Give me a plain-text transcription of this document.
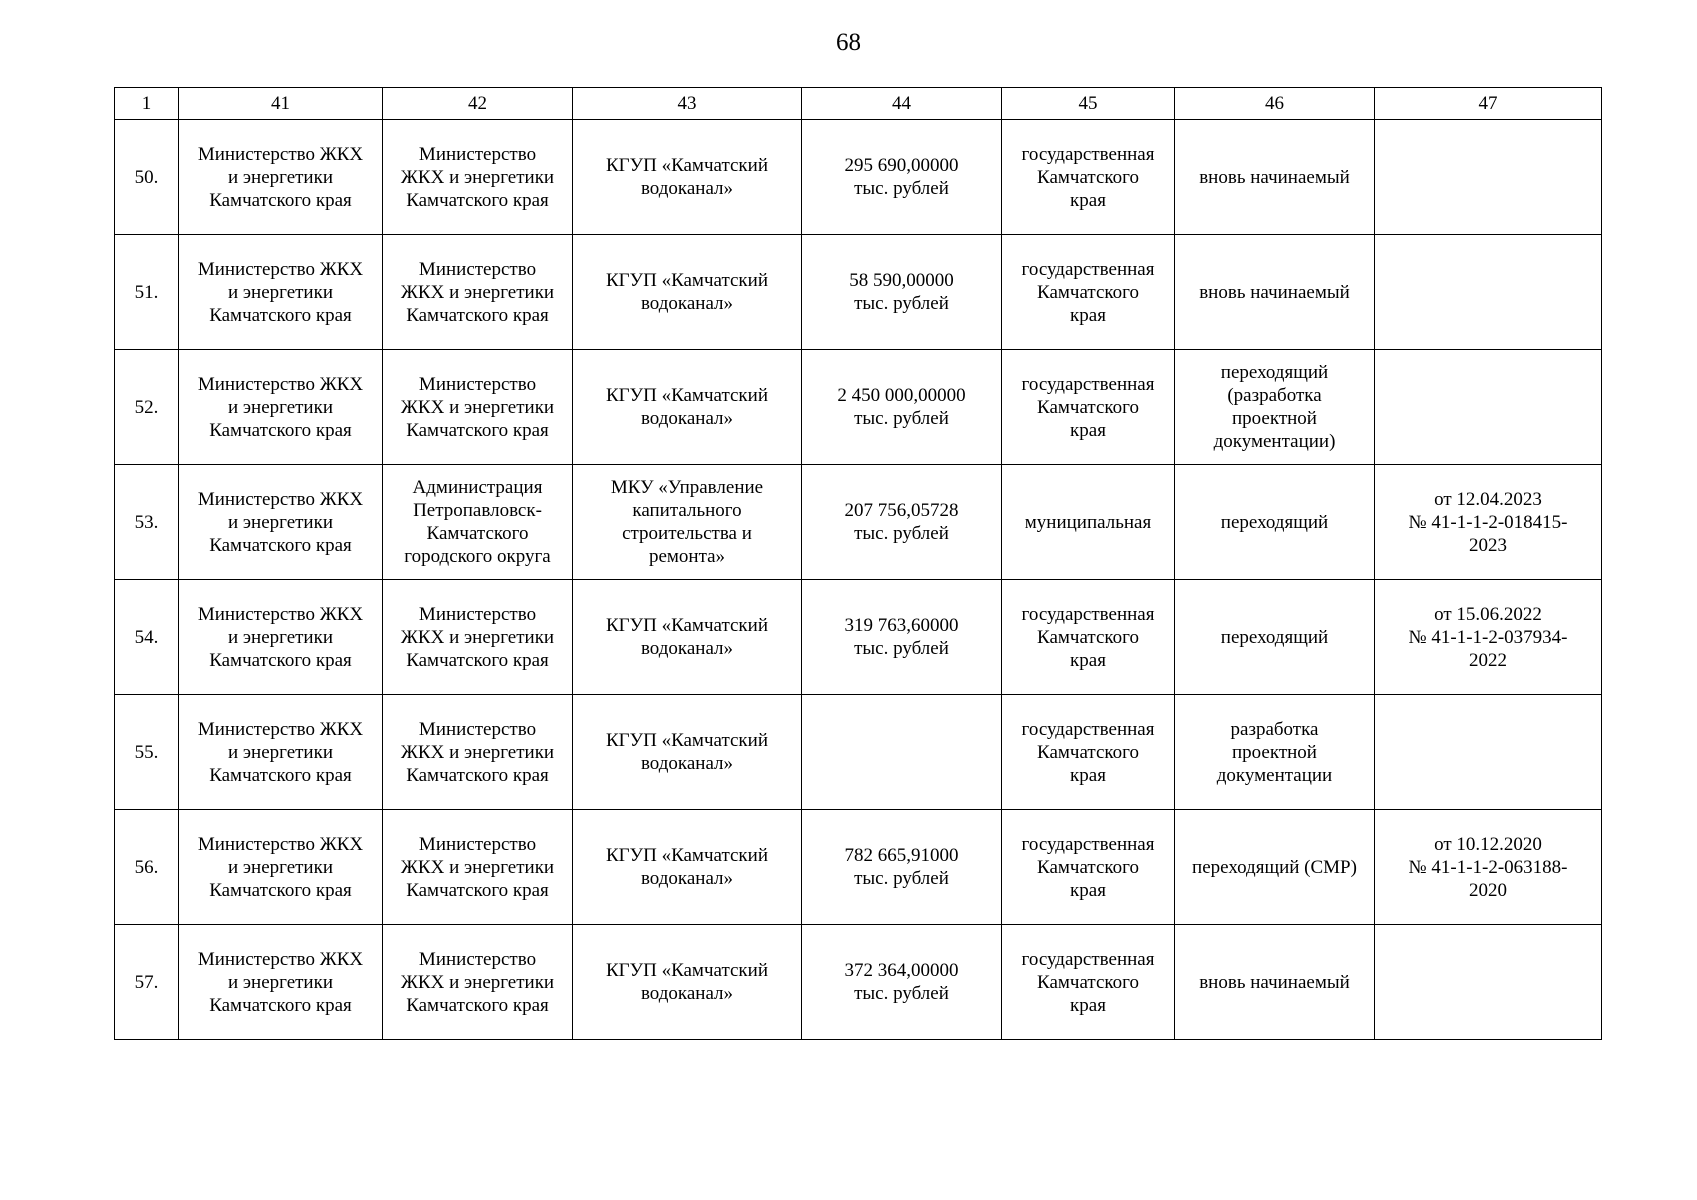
68
1	41	42	43	44	45	46	47
50.	Министерство ЖКХ
и энергетики
Камчатского края	Министерство
ЖКХ и энергетики
Камчатского края	КГУП «Камчатский
водоканал»	295 690,00000
тыс. рублей	государственная
Камчатского
края	вновь начинаемый	
51.	Министерство ЖКХ
и энергетики
Камчатского края	Министерство
ЖКХ и энергетики
Камчатского края	КГУП «Камчатский
водоканал»	58 590,00000
тыс. рублей	государственная
Камчатского
края	вновь начинаемый	
52.	Министерство ЖКХ
и энергетики
Камчатского края	Министерство
ЖКХ и энергетики
Камчатского края	КГУП «Камчатский
водоканал»	2 450 000,00000
тыс. рублей	государственная
Камчатского
края	переходящий
(разработка
проектной
документации)	
53.	Министерство ЖКХ
и энергетики
Камчатского края	Администрация
Петропавловск-
Камчатского
городского округа	МКУ «Управление
капитального
строительства и
ремонта»	207 756,05728
тыс. рублей	муниципальная	переходящий	от 12.04.2023
№ 41-1-1-2-018415-
2023
54.	Министерство ЖКХ
и энергетики
Камчатского края	Министерство
ЖКХ и энергетики
Камчатского края	КГУП «Камчатский
водоканал»	319 763,60000
тыс. рублей	государственная
Камчатского
края	переходящий	от 15.06.2022
№ 41-1-1-2-037934-
2022
55.	Министерство ЖКХ
и энергетики
Камчатского края	Министерство
ЖКХ и энергетики
Камчатского края	КГУП «Камчатский
водоканал»		государственная
Камчатского
края	разработка
проектной
документации	
56.	Министерство ЖКХ
и энергетики
Камчатского края	Министерство
ЖКХ и энергетики
Камчатского края	КГУП «Камчатский
водоканал»	782 665,91000
тыс. рублей	государственная
Камчатского
края	переходящий (СМР)	от 10.12.2020
№ 41-1-1-2-063188-
2020
57.	Министерство ЖКХ
и энергетики
Камчатского края	Министерство
ЖКХ и энергетики
Камчатского края	КГУП «Камчатский
водоканал»	372 364,00000
тыс. рублей	государственная
Камчатского
края	вновь начинаемый	
